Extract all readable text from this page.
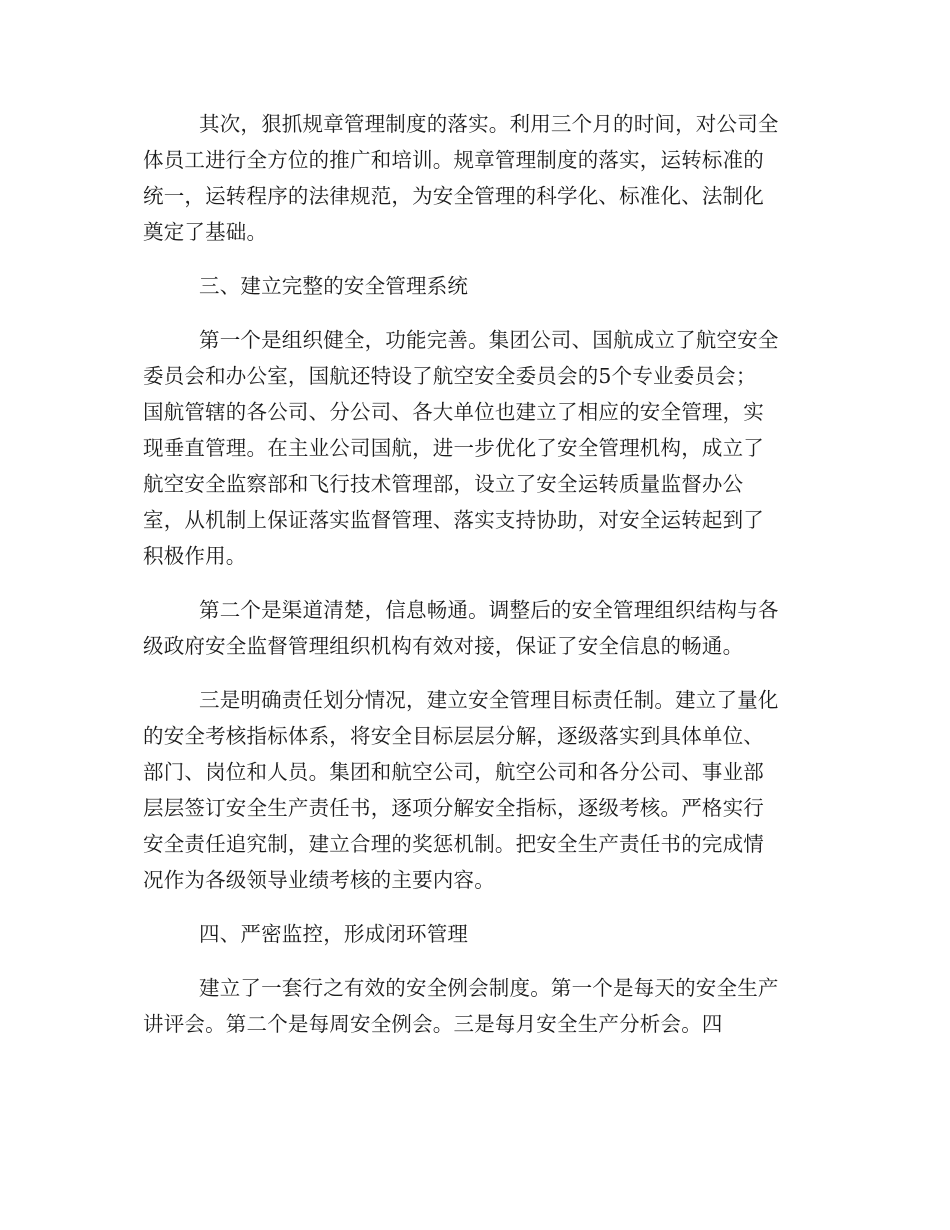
其次，狠抓规章管理制度的落实。利用三个月的时间，对公司全
体员工进行全方位的推广和培训。规章管理制度的落实，运转标准的
统一，运转程序的法律规范，为安全管理的科学化、标准化、法制化
奠定了基础。
三、建立完整的安全管理系统
第一个是组织健全，功能完善。集团公司、国航成立了航空安全
委员会和办公室，国航还特设了航空安全委员会的5个专业委员会；
国航管辖的各公司、分公司、各大单位也建立了相应的安全管理，实
现垂直管理。在主业公司国航，进一步优化了安全管理机构，成立了
航空安全监察部和飞行技术管理部，设立了安全运转质量监督办公
室，从机制上保证落实监督管理、落实支持协助，对安全运转起到了
积极作用。
第二个是渠道清楚，信息畅通。调整后的安全管理组织结构与各
级政府安全监督管理组织机构有效对接，保证了安全信息的畅通。
三是明确责任划分情况，建立安全管理目标责任制。建立了量化
的安全考核指标体系，将安全目标层层分解，逐级落实到具体单位、
部门、岗位和人员。集团和航空公司，航空公司和各分公司、事业部
层层签订安全生产责任书，逐项分解安全指标，逐级考核。严格实行
安全责任追究制，建立合理的奖惩机制。把安全生产责任书的完成情
况作为各级领导业绩考核的主要内容。
四、严密监控，形成闭环管理
建立了一套行之有效的安全例会制度。第一个是每天的安全生产
讲评会。第二个是每周安全例会。三是每月安全生产分析会。四
